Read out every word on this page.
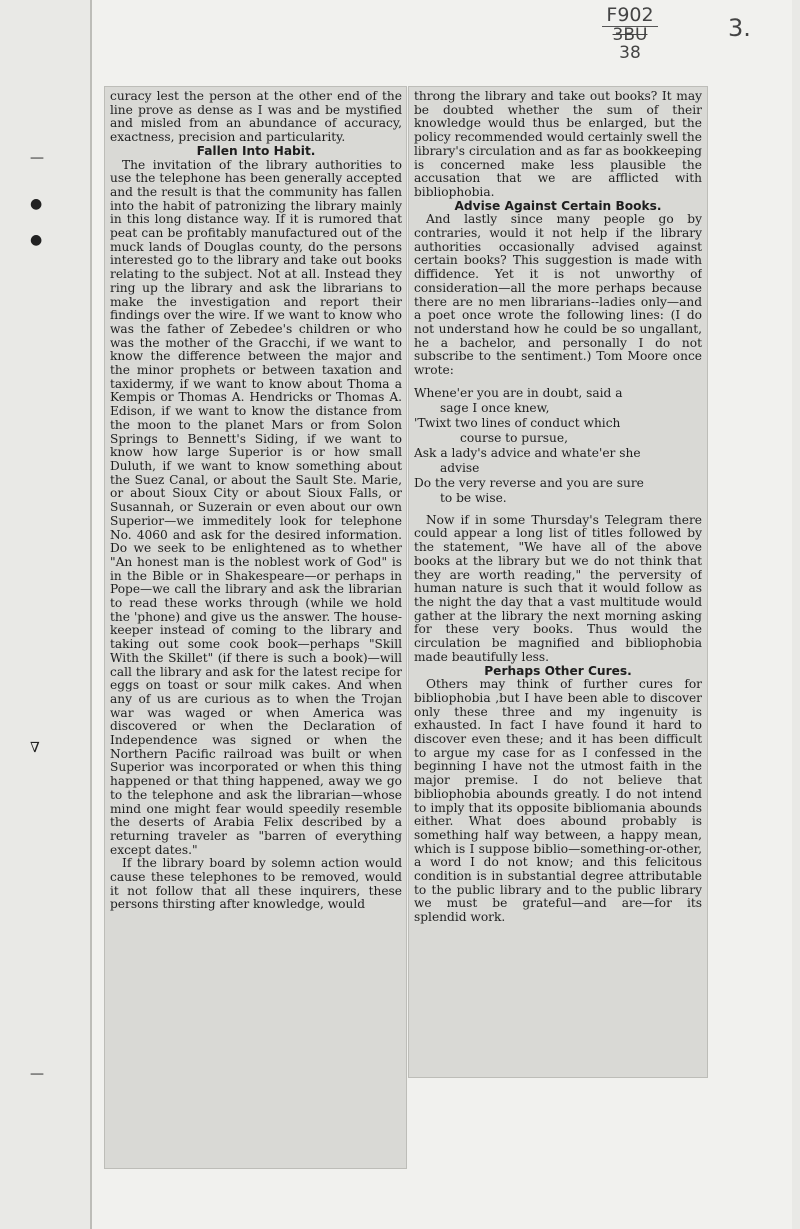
F902
3BU
38
3.
—
●
●
∇
—

curacy lest the person at the other end of the line prove as dense as I was and be mystified and misled from an abundance of accuracy, exactness, precision and particularity.

Fallen Into Habit.

The invitation of the library authorities to use the telephone has been generally accepted and the result is that the community has fallen into the habit of patronizing the library mainly in this long distance way. If it is rumored that peat can be profitably manufactured out of the muck lands of Douglas county, do the persons interested go to the library and take out books relating to the subject. Not at all. Instead they ring up the library and ask the librarians to make the investigation and report their findings over the wire. If we want to know who was the father of Zebedee's children or who was the mother of the Gracchi, if we want to know the difference between the major and the minor prophets or between taxation and taxidermy, if we want to know about Thoma a Kempis or Thomas A. Hendricks or Thomas A. Edison, if we want to know the distance from the moon to the planet Mars or from Solon Springs to Bennett's Siding, if we want to know how large Superior is or how small Duluth, if we want to know something about the Suez Canal, or about the Sault Ste. Marie, or about Sioux City or about Sioux Falls, or Susannah, or Suzerain or even about our own Superior—we immeditely look for telephone No. 4060 and ask for the desired information. Do we seek to be enlightened as to whether "An honest man is the noblest work of God" is in the Bible or in Shakespeare—or perhaps in Pope—we call the library and ask the librarian to read these works through (while we hold the 'phone) and give us the answer. The house-keeper instead of coming to the library and taking out some cook book—perhaps "Skill With the Skillet" (if there is such a book)—will call the library and ask for the latest recipe for eggs on toast or sour milk cakes. And when any of us are curious as to when the Trojan war was waged or when America was discovered or when the Declaration of Independence was signed or when the Northern Pacific railroad was built or when Superior was incorporated or when this thing happened or that thing happened, away we go to the telephone and ask the librarian—whose mind one might fear would speedily resemble the deserts of Arabia Felix described by a returning traveler as "barren of everything except dates."

If the library board by solemn action would cause these telephones to be removed, would it not follow that all these inquirers, these persons thirsting after knowledge, would

throng the library and take out books? It may be doubted whether the sum of their knowledge would thus be enlarged, but the policy recommended would certainly swell the library's circulation and as far as bookkeeping is concerned make less plausible the accusation that we are afflicted with bibliophobia.

Advise Against Certain Books.

And lastly since many people go by contraries, would it not help if the library authorities occasionally advised against certain books? This suggestion is made with diffidence. Yet it is not unworthy of consideration—all the more perhaps because there are no men librarians--ladies only—and a poet once wrote the following lines: (I do not understand how he could be so ungallant, he a bachelor, and personally I do not subscribe to the sentiment.) Tom Moore once wrote:

Whene'er you are in doubt, said a
sage I once knew,
'Twixt two lines of conduct which
course to pursue,
Ask a lady's advice and whate'er she
advise
Do the very reverse and you are sure
to be wise.

Now if in some Thursday's Telegram there could appear a long list of titles followed by the statement, "We have all of the above books at the library but we do not think that they are worth reading," the perversity of human nature is such that it would follow as the night the day that a vast multitude would gather at the library the next morning asking for these very books. Thus would the circulation be magnified and bibliophobia made beautifully less.

Perhaps Other Cures.

Others may think of further cures for bibliophobia ,but I have been able to discover only these three and my ingenuity is exhausted. In fact I have found it hard to discover even these; and it has been difficult to argue my case for as I confessed in the beginning I have not the utmost faith in the major premise. I do not believe that bibliophobia abounds greatly. I do not intend to imply that its opposite bibliomania abounds either. What does abound probably is something half way between, a happy mean, which is I suppose biblio—something-or-other, a word I do not know; and this felicitous condition is in substantial degree attributable to the public library and to the public library we must be grateful—and are—for its splendid work.
